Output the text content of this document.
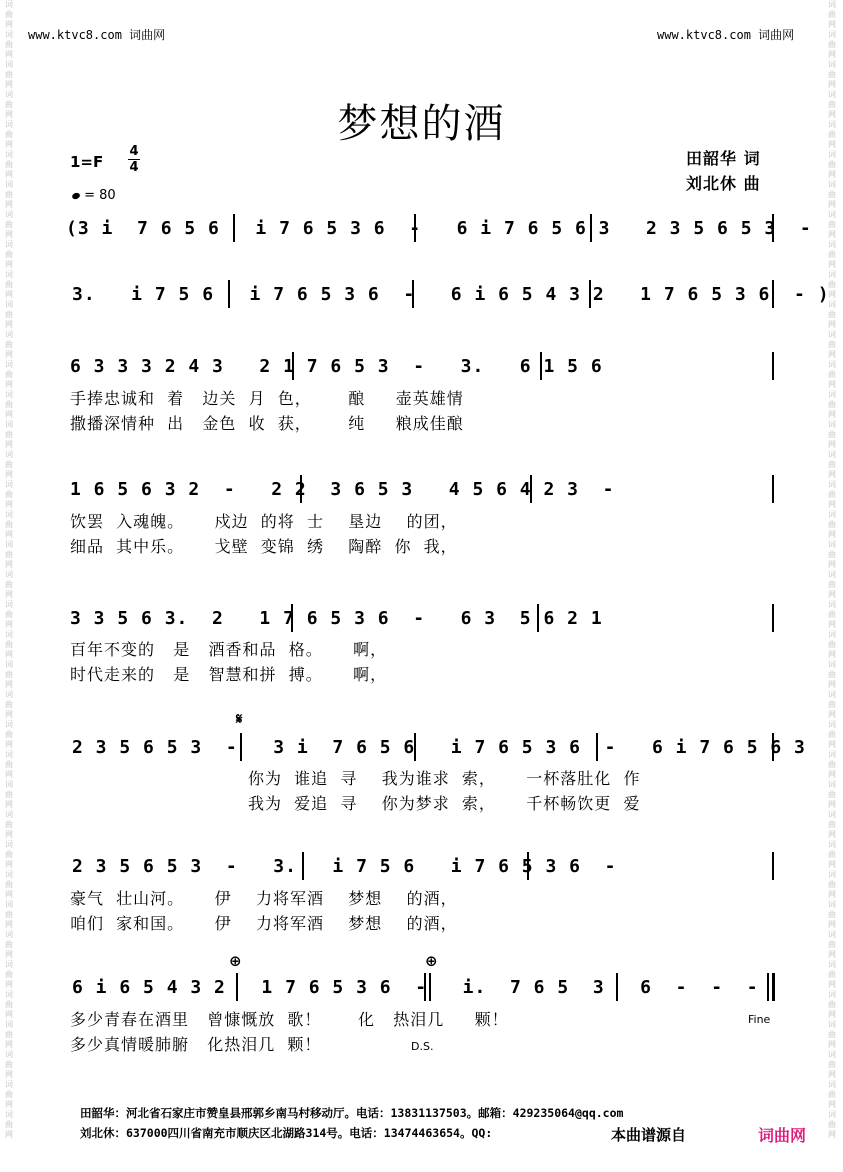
词曲网词曲网词曲网词曲网词曲网词曲网词曲网词曲网词曲网词曲网词曲网词曲网词曲网词曲网词曲网词曲网词曲网词曲网词曲网词曲网词曲网词曲网词曲网词曲网词曲网词曲网词曲网词曲网词曲网词曲网词曲网词曲网词曲网词曲网词曲网词曲网词曲网词曲网
词曲网词曲网词曲网词曲网词曲网词曲网词曲网词曲网词曲网词曲网词曲网词曲网词曲网词曲网词曲网词曲网词曲网词曲网词曲网词曲网词曲网词曲网词曲网词曲网词曲网词曲网词曲网词曲网词曲网词曲网词曲网词曲网词曲网词曲网词曲网词曲网词曲网词曲网
www.ktvc8.com 词曲网	www.ktvc8.com 词曲网
梦想的酒
1=F
4
4
= 80
田韶华 词
刘北休 曲
(3 i  7 6 5 6   i 7 6 5 3 6  -   6 i 7 6 5 6 3   2 3 5 6 5 3  -
3.   i 7 5 6   i 7 6 5 3 6  -   6 i 6 5 4 3 2   1 7 6 5 3 6  - )
6 3 3 3 2 4 3   2 1 7 6 5 3  -   3.   6 1 5 6
手捧忠诚和  着   边关  月  色，      酿     壶英雄情
撒播深情种  出   金色  收  获，      纯     粮成佳酿
1 6 5 6 3 2  -   2 2  3 6 5 3   4 5 6 4 2 3  -
饮罢  入魂魄。     戍边  的将  士    垦边    的团，
细品  其中乐。     戈壁  变锦  绣    陶醉  你  我，
3 3 5 6 3.  2   1 7 6 5 3 6  -   6 3  5 6 2 1
百年不变的   是   酒香和品  格。     啊，
时代走来的   是   智慧和拼  搏。     啊，
𝄋
2 3 5 6 5 3  -   3 i  7 6 5 6   i 7 6 5 3 6  -   6 i 7 6 5 6 3
你为  谁追  寻    我为谁求  索，     一杯落肚化  作
我为  爱追  寻    你为梦求  索，     千杯畅饮更  爱
2 3 5 6 5 3  -   3.   i 7 5 6   i 7 6 5 3 6  -
豪气  壮山河。     伊    力将军酒    梦想    的酒，
咱们  家和国。     伊    力将军酒    梦想    的酒，
⊕	⊕
6 i 6 5 4 3 2   1 7 6 5 3 6  -   i.  7 6 5  3   6  -  -  -
多少青春在酒里   曾慷慨放  歌！      化   热泪几     颗！
多少真情暖肺腑   化热泪几  颗！
Fine
D.S.
田韶华：河北省石家庄市赞皇县邢郭乡南马村移动厅。电话：13831137503。邮箱：429235064@qq.com
刘北休：637000四川省南充市顺庆区北湖路314号。电话：13474463654。QQ:	本曲谱源自	词曲网
